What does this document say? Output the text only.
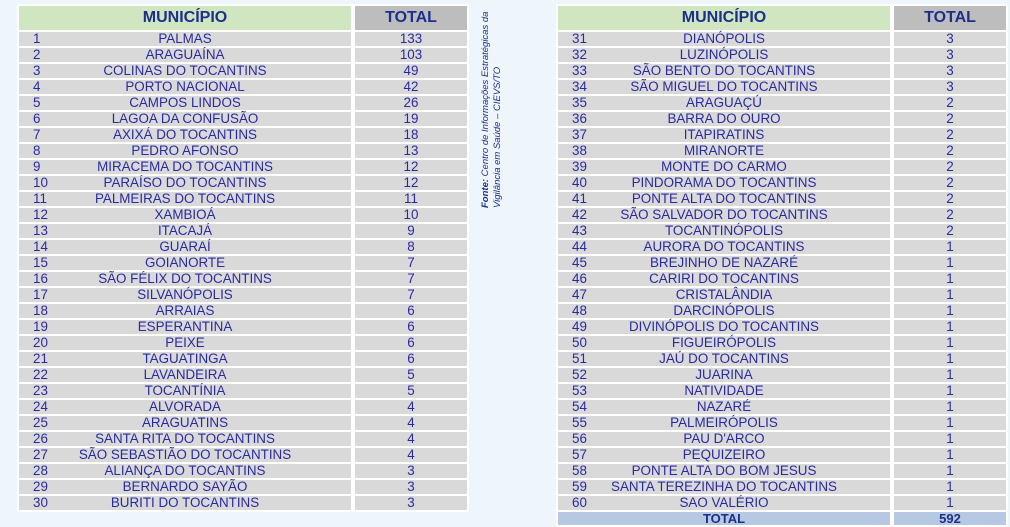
MUNICÍPIO	TOTAL

1 PALMAS	133

2 ARAGUAÍNA	103

3 COLINAS DO TOCANTINS	49

4 PORTO NACIONAL	42

5 CAMPOS LINDOS	26

6 LAGOA DA CONFUSÃO	19

7 AXIXÁ DO TOCANTINS	18

8 PEDRO AFONSO	13

9 MIRACEMA DO TOCANTINS	12

10 PARAÍSO DO TOCANTINS	12

11 PALMEIRAS DO TOCANTINS	11

12 XAMBIOÁ	10

13 ITACAJÁ	9

14 GUARAÍ	8

15 GOIANORTE	7

16 SÃO FÉLIX DO TOCANTINS	7

17 SILVANÓPOLIS	7

18 ARRAIAS	6

19 ESPERANTINA	6

20 PEIXE	6

21 TAGUATINGA	6

22 LAVANDEIRA	5

23 TOCANTÍNIA	5

24 ALVORADA	4

25 ARAGUATINS	4

26 SANTA RITA DO TOCANTINS	4

27 SÃO SEBASTIÃO DO TOCANTINS	4

28 ALIANÇA DO TOCANTINS	3

29 BERNARDO SAYÃO	3

30 BURITI DO TOCANTINS	3
Fonte: Centro de Informações Estratégicas da Vigilância em Saúde – CIEVS/TO
MUNICÍPIO	TOTAL

31 DIANÓPOLIS	3

32 LUZINÓPOLIS	3

33 SÃO BENTO DO TOCANTINS	3

34 SÃO MIGUEL DO TOCANTINS	3

35 ARAGUAÇÚ	2

36 BARRA DO OURO	2

37 ITAPIRATINS	2

38 MIRANORTE	2

39 MONTE DO CARMO	2

40 PINDORAMA DO TOCANTINS	2

41 PONTE ALTA DO TOCANTINS	2

42 SÃO SALVADOR DO TOCANTINS	2

43 TOCANTINÓPOLIS	2

44 AURORA DO TOCANTINS	1

45 BREJINHO DE NAZARÉ	1

46 CARIRI DO TOCANTINS	1

47 CRISTALÂNDIA	1

48 DARCINÓPOLIS	1

49 DIVINÓPOLIS DO TOCANTINS	1

50 FIGUEIRÓPOLIS	1

51 JAÚ DO TOCANTINS	1

52 JUARINA	1

53 NATIVIDADE	1

54 NAZARÉ	1

55 PALMEIRÓPOLIS	1

56 PAU D'ARCO	1

57 PEQUIZEIRO	1

58 PONTE ALTA DO BOM JESUS	1

59 SANTA TEREZINHA DO TOCANTINS	1

60 SAO VALÉRIO	1
TOTAL	592
